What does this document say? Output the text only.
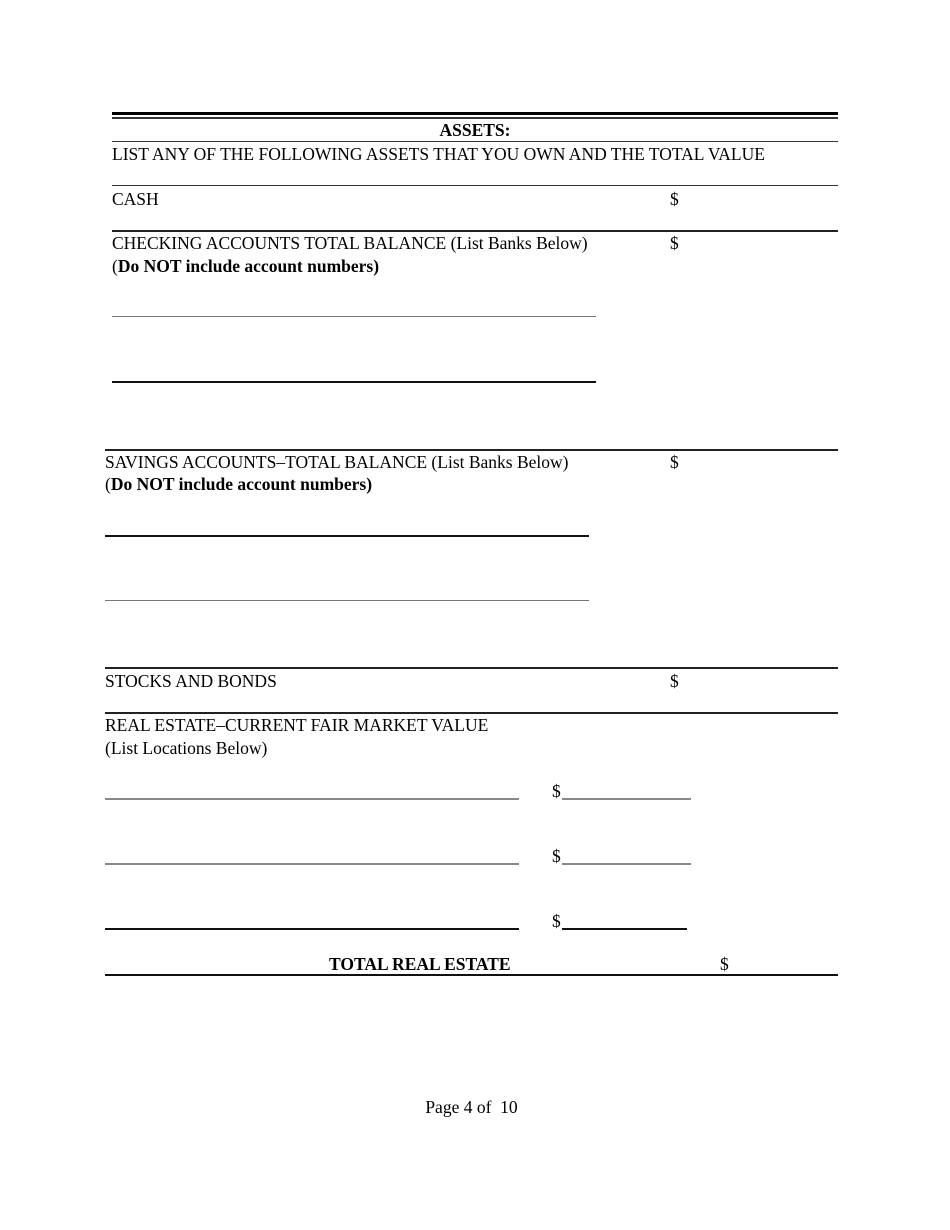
ASSETS:
LIST ANY OF THE FOLLOWING ASSETS THAT YOU OWN AND THE TOTAL VALUE
CASH	$
CHECKING ACCOUNTS TOTAL BALANCE (List Banks Below)	$
(Do NOT include account numbers)
SAVINGS ACCOUNTS–TOTAL BALANCE (List Banks Below)	$
(Do NOT include account numbers)
STOCKS AND BONDS	$
REAL ESTATE–CURRENT FAIR MARKET VALUE
(List Locations Below)
$
$
$
TOTAL REAL ESTATE	$
Page 4 of  10
